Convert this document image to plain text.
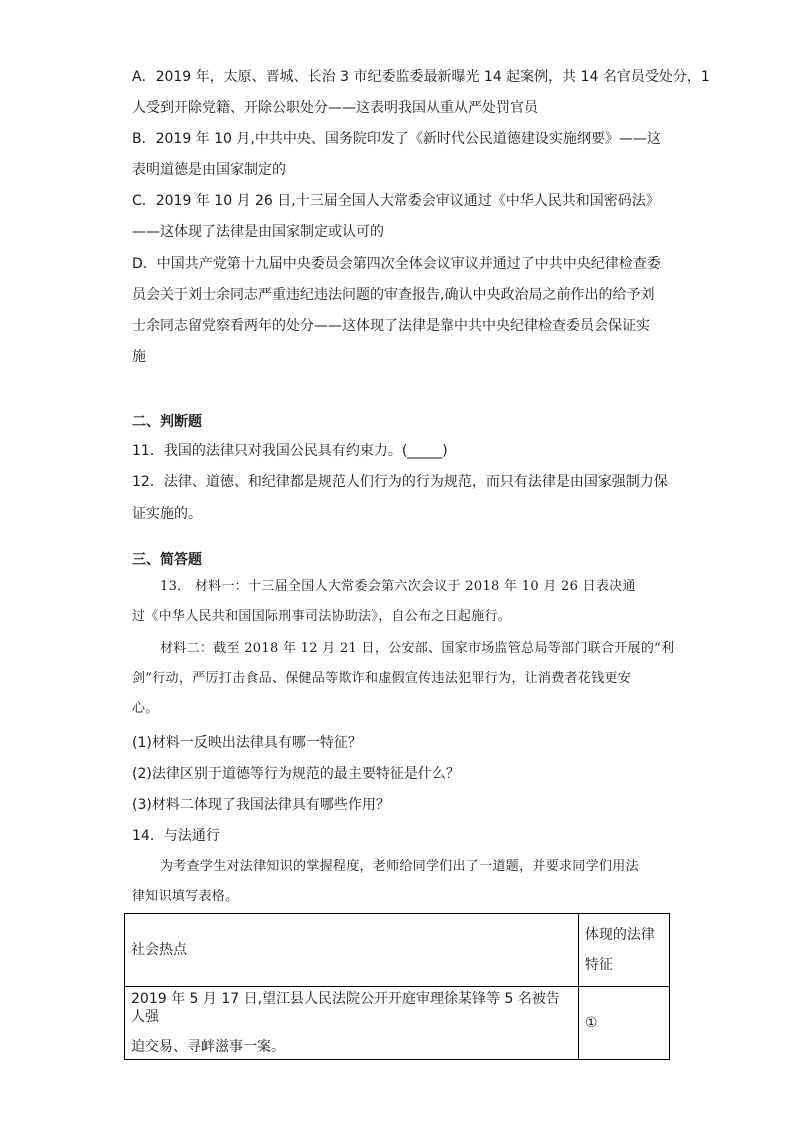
A．2019 年，太原、晋城、长治 3 市纪委监委最新曝光 14 起案例，共 14 名官员受处分，1
人受到开除党籍、开除公职处分——这表明我国从重从严处罚官员
B．2019 年 10 月,中共中央、国务院印发了《新时代公民道德建设实施纲要》——这
表明道德是由国家制定的
C．2019 年 10 月 26 日,十三届全国人大常委会审议通过《中华人民共和国密码法》
——这体现了法律是由国家制定或认可的
D．中国共产党第十九届中央委员会第四次全体会议审议并通过了中共中央纪律检查委
员会关于刘士余同志严重违纪违法问题的审查报告,确认中央政治局之前作出的给予刘
士余同志留党察看两年的处分——这体现了法律是靠中共中央纪律检查委员会保证实
施
二、判断题
11．我国的法律只对我国公民具有约束力。(_____)
12．法律、道德、和纪律都是规范人们行为的行为规范，而只有法律是由国家强制力保
证实施的。
三、简答题
13． 材料一：十三届全国人大常委会第六次会议于 2018 年 10 月 26 日表决通
过《中华人民共和国国际刑事司法协助法》，自公布之日起施行。
材料二：截至 2018 年 12 月 21 日，公安部、国家市场监管总局等部门联合开展的“利
剑”行动，严厉打击食品、保健品等欺诈和虚假宣传违法犯罪行为，让消费者花钱更安
心。
(1)材料一反映出法律具有哪一特征？
(2)法律区别于道德等行为规范的最主要特征是什么？
(3)材料二体现了我国法律具有哪些作用？
14．与法通行
为考查学生对法律知识的掌握程度，老师给同学们出了一道题，并要求同学们用法
律知识填写表格。
社会热点	体现的法律
特征

2019 年 5 月 17 日,望江县人民法院公开开庭审理徐某锋等 5 名被告人强
迫交易、寻衅滋事一案。	①
